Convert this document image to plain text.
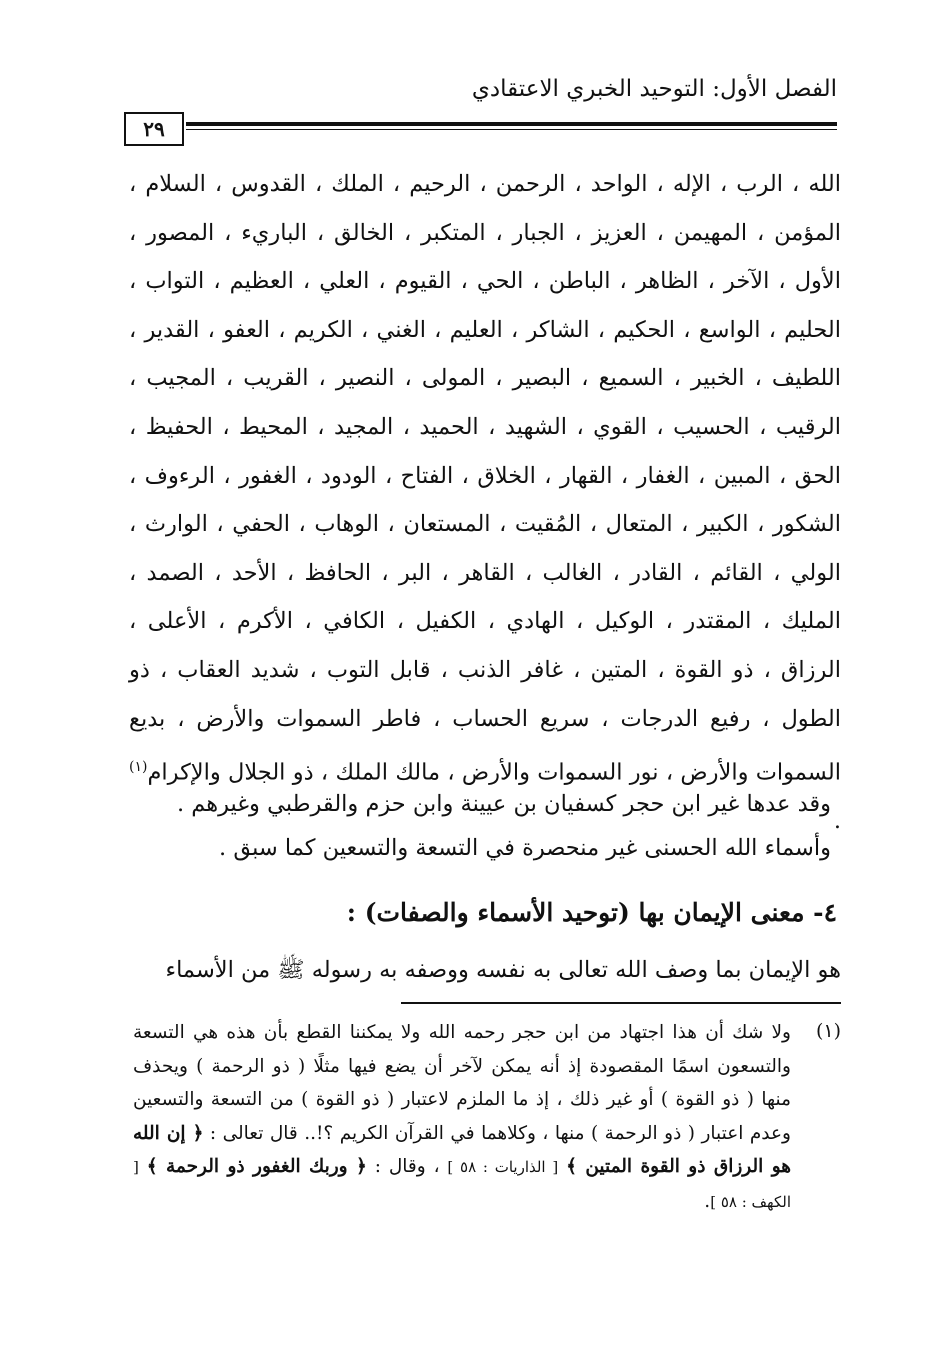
الفصل الأول: التوحيد الخبري الاعتقادي
٢٩

الله ، الرب ، الإله ، الواحد ، الرحمن ، الرحيم ، الملك ، القدوس ، السلام ، المؤمن ، المهيمن ، العزيز ، الجبار ، المتكبر ، الخالق ، الباريء ، المصور ، الأول ، الآخر ، الظاهر ، الباطن ، الحي ، القيوم ، العلي ، العظيم ، التواب ، الحليم ، الواسع ، الحكيم ، الشاكر ، العليم ، الغني ، الكريم ، العفو ، القدير ، اللطيف ، الخبير ، السميع ، البصير ، المولى ، النصير ، القريب ، المجيب ، الرقيب ، الحسيب ، القوي ، الشهيد ، الحميد ، المجيد ، المحيط ، الحفيظ ، الحق ، المبين ، الغفار ، القهار ، الخلاق ، الفتاح ، الودود ، الغفور ، الرءوف ، الشكور ، الكبير ، المتعال ، المُقيت ، المستعان ، الوهاب ، الحفي ، الوارث ، الولي ، القائم ، القادر ، الغالب ، القاهر ، البر ، الحافظ ، الأحد ، الصمد ، المليك ، المقتدر ، الوكيل ، الهادي ، الكفيل ، الكافي ، الأكرم ، الأعلى ، الرزاق ، ذو القوة ، المتين ، غافر الذنب ، قابل التوب ، شديد العقاب ، ذو الطول ، رفيع الدرجات ، سريع الحساب ، فاطر السموات والأرض ، بديع السموات والأرض ، نور السموات والأرض ، مالك الملك ، ذو الجلال والإكرام$^{(١)}$ .

وقد عدها غير ابن حجر كسفيان بن عيينة وابن حزم والقرطبي وغيرهم .
وأسماء الله الحسنى غير منحصرة في التسعة والتسعين كما سبق .
٤- معنى الإيمان بها (توحيد الأسماء والصفات) :

هو الإيمان بما وصف الله تعالى به نفسه ووصفه به رسوله ﷺ من الأسماء

(١)

ولا شك أن هذا اجتهاد من ابن حجر رحمه الله ولا يمكننا القطع بأن هذه هي التسعة والتسعون اسمًا المقصودة إذ أنه يمكن لآخر أن يضع فيها مثلًا ( ذو الرحمة ) ويحذف منها ( ذو القوة ) أو غير ذلك ، إذ ما الملزم لاعتبار ( ذو القوة ) من التسعة والتسعين وعدم اعتبار ( ذو الرحمة ) منها ، وكلاهما في القرآن الكريم ؟!.. قال تعالى : ﴿ إن الله هو الرزاق ذو القوة المتين ﴾ [ الذاريات : ٥٨ ] ، وقال : ﴿ وربك الغفور ذو الرحمة ﴾ [ الكهف : ٥٨ ].
